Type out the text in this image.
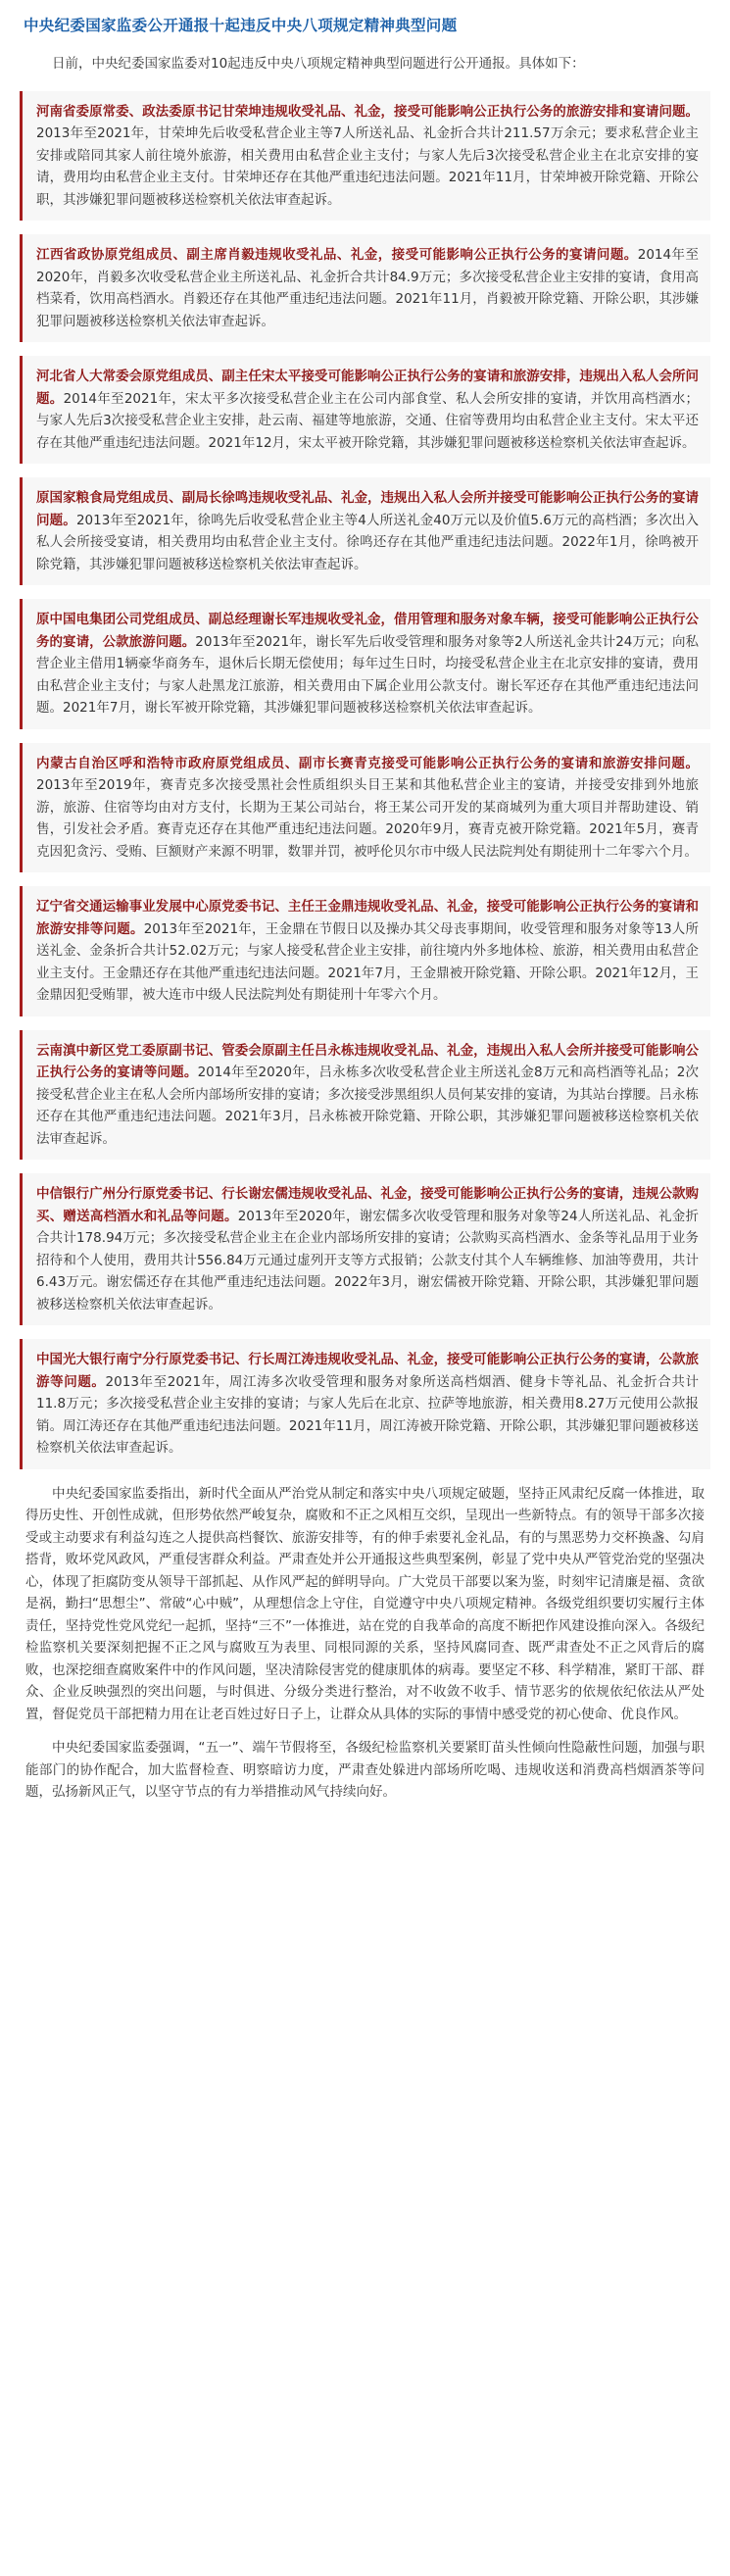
中央纪委国家监委公开通报十起违反中央八项规定精神典型问题
日前，中央纪委国家监委对10起违反中央八项规定精神典型问题进行公开通报。具体如下：

河南省委原常委、政法委原书记甘荣坤违规收受礼品、礼金，接受可能影响公正执行公务的旅游安排和宴请问题。2013年至2021年，甘荣坤先后收受私营企业主等7人所送礼品、礼金折合共计211.57万余元；要求私营企业主安排或陪同其家人前往境外旅游，相关费用由私营企业主支付；与家人先后3次接受私营企业主在北京安排的宴请，费用均由私营企业主支付。甘荣坤还存在其他严重违纪违法问题。2021年11月，甘荣坤被开除党籍、开除公职，其涉嫌犯罪问题被移送检察机关依法审查起诉。

江西省政协原党组成员、副主席肖毅违规收受礼品、礼金，接受可能影响公正执行公务的宴请问题。2014年至2020年，肖毅多次收受私营企业主所送礼品、礼金折合共计84.9万元；多次接受私营企业主安排的宴请，食用高档菜肴，饮用高档酒水。肖毅还存在其他严重违纪违法问题。2021年11月，肖毅被开除党籍、开除公职，其涉嫌犯罪问题被移送检察机关依法审查起诉。

河北省人大常委会原党组成员、副主任宋太平接受可能影响公正执行公务的宴请和旅游安排，违规出入私人会所问题。2014年至2021年，宋太平多次接受私营企业主在公司内部食堂、私人会所安排的宴请，并饮用高档酒水；与家人先后3次接受私营企业主安排，赴云南、福建等地旅游，交通、住宿等费用均由私营企业主支付。宋太平还存在其他严重违纪违法问题。2021年12月，宋太平被开除党籍，其涉嫌犯罪问题被移送检察机关依法审查起诉。

原国家粮食局党组成员、副局长徐鸣违规收受礼品、礼金，违规出入私人会所并接受可能影响公正执行公务的宴请问题。2013年至2021年，徐鸣先后收受私营企业主等4人所送礼金40万元以及价值5.6万元的高档酒；多次出入私人会所接受宴请，相关费用均由私营企业主支付。徐鸣还存在其他严重违纪违法问题。2022年1月，徐鸣被开除党籍，其涉嫌犯罪问题被移送检察机关依法审查起诉。

原中国电集团公司党组成员、副总经理谢长军违规收受礼金，借用管理和服务对象车辆，接受可能影响公正执行公务的宴请，公款旅游问题。2013年至2021年，谢长军先后收受管理和服务对象等2人所送礼金共计24万元；向私营企业主借用1辆豪华商务车，退休后长期无偿使用；每年过生日时，均接受私营企业主在北京安排的宴请，费用由私营企业主支付；与家人赴黑龙江旅游，相关费用由下属企业用公款支付。谢长军还存在其他严重违纪违法问题。2021年7月，谢长军被开除党籍，其涉嫌犯罪问题被移送检察机关依法审查起诉。

内蒙古自治区呼和浩特市政府原党组成员、副市长赛青克接受可能影响公正执行公务的宴请和旅游安排问题。2013年至2019年，赛青克多次接受黑社会性质组织头目王某和其他私营企业主的宴请，并接受安排到外地旅游，旅游、住宿等均由对方支付，长期为王某公司站台，将王某公司开发的某商城列为重大项目并帮助建设、销售，引发社会矛盾。赛青克还存在其他严重违纪违法问题。2020年9月，赛青克被开除党籍。2021年5月，赛青克因犯贪污、受贿、巨额财产来源不明罪，数罪并罚，被呼伦贝尔市中级人民法院判处有期徒刑十二年零六个月。

辽宁省交通运输事业发展中心原党委书记、主任王金鼎违规收受礼品、礼金，接受可能影响公正执行公务的宴请和旅游安排等问题。2013年至2021年，王金鼎在节假日以及操办其父母丧事期间，收受管理和服务对象等13人所送礼金、金条折合共计52.02万元；与家人接受私营企业主安排，前往境内外多地体检、旅游，相关费用由私营企业主支付。王金鼎还存在其他严重违纪违法问题。2021年7月，王金鼎被开除党籍、开除公职。2021年12月，王金鼎因犯受贿罪，被大连市中级人民法院判处有期徒刑十年零六个月。

云南滇中新区党工委原副书记、管委会原副主任吕永栋违规收受礼品、礼金，违规出入私人会所并接受可能影响公正执行公务的宴请等问题。2014年至2020年，吕永栋多次收受私营企业主所送礼金8万元和高档酒等礼品；2次接受私营企业主在私人会所内部场所安排的宴请；多次接受涉黑组织人员何某安排的宴请，为其站台撑腰。吕永栋还存在其他严重违纪违法问题。2021年3月，吕永栋被开除党籍、开除公职，其涉嫌犯罪问题被移送检察机关依法审查起诉。

中信银行广州分行原党委书记、行长谢宏儒违规收受礼品、礼金，接受可能影响公正执行公务的宴请，违规公款购买、赠送高档酒水和礼品等问题。2013年至2020年，谢宏儒多次收受管理和服务对象等24人所送礼品、礼金折合共计178.94万元；多次接受私营企业主在企业内部场所安排的宴请；公款购买高档酒水、金条等礼品用于业务招待和个人使用，费用共计556.84万元通过虚列开支等方式报销；公款支付其个人车辆维修、加油等费用，共计6.43万元。谢宏儒还存在其他严重违纪违法问题。2022年3月，谢宏儒被开除党籍、开除公职，其涉嫌犯罪问题被移送检察机关依法审查起诉。

中国光大银行南宁分行原党委书记、行长周江涛违规收受礼品、礼金，接受可能影响公正执行公务的宴请，公款旅游等问题。2013年至2021年，周江涛多次收受管理和服务对象所送高档烟酒、健身卡等礼品、礼金折合共计11.8万元；多次接受私营企业主安排的宴请；与家人先后在北京、拉萨等地旅游，相关费用8.27万元使用公款报销。周江涛还存在其他严重违纪违法问题。2021年11月，周江涛被开除党籍、开除公职，其涉嫌犯罪问题被移送检察机关依法审查起诉。

中央纪委国家监委指出，新时代全面从严治党从制定和落实中央八项规定破题，坚持正风肃纪反腐一体推进，取得历史性、开创性成就，但形势依然严峻复杂，腐败和不正之风相互交织，呈现出一些新特点。有的领导干部多次接受或主动要求有利益勾连之人提供高档餐饮、旅游安排等，有的伸手索要礼金礼品，有的与黑恶势力交杯换盏、勾肩搭背，败坏党风政风，严重侵害群众利益。严肃查处并公开通报这些典型案例，彰显了党中央从严管党治党的坚强决心，体现了拒腐防变从领导干部抓起、从作风严起的鲜明导向。广大党员干部要以案为鉴，时刻牢记清廉是福、贪欲是祸，勤扫“思想尘”、常破“心中贼”，从理想信念上守住，自觉遵守中央八项规定精神。各级党组织要切实履行主体责任，坚持党性党风党纪一起抓，坚持“三不”一体推进，站在党的自我革命的高度不断把作风建设推向深入。各级纪检监察机关要深刻把握不正之风与腐败互为表里、同根同源的关系，坚持风腐同查、既严肃查处不正之风背后的腐败，也深挖细查腐败案件中的作风问题，坚决清除侵害党的健康肌体的病毒。要坚定不移、科学精准，紧盯干部、群众、企业反映强烈的突出问题，与时俱进、分级分类进行整治，对不收敛不收手、情节恶劣的依规依纪依法从严处置，督促党员干部把精力用在让老百姓过好日子上，让群众从具体的实际的事情中感受党的初心使命、优良作风。
中央纪委国家监委强调，“五一”、端午节假将至，各级纪检监察机关要紧盯苗头性倾向性隐蔽性问题，加强与职能部门的协作配合，加大监督检查、明察暗访力度，严肃查处躲进内部场所吃喝、违规收送和消费高档烟酒茶等问题，弘扬新风正气，以坚守节点的有力举措推动风气持续向好。
